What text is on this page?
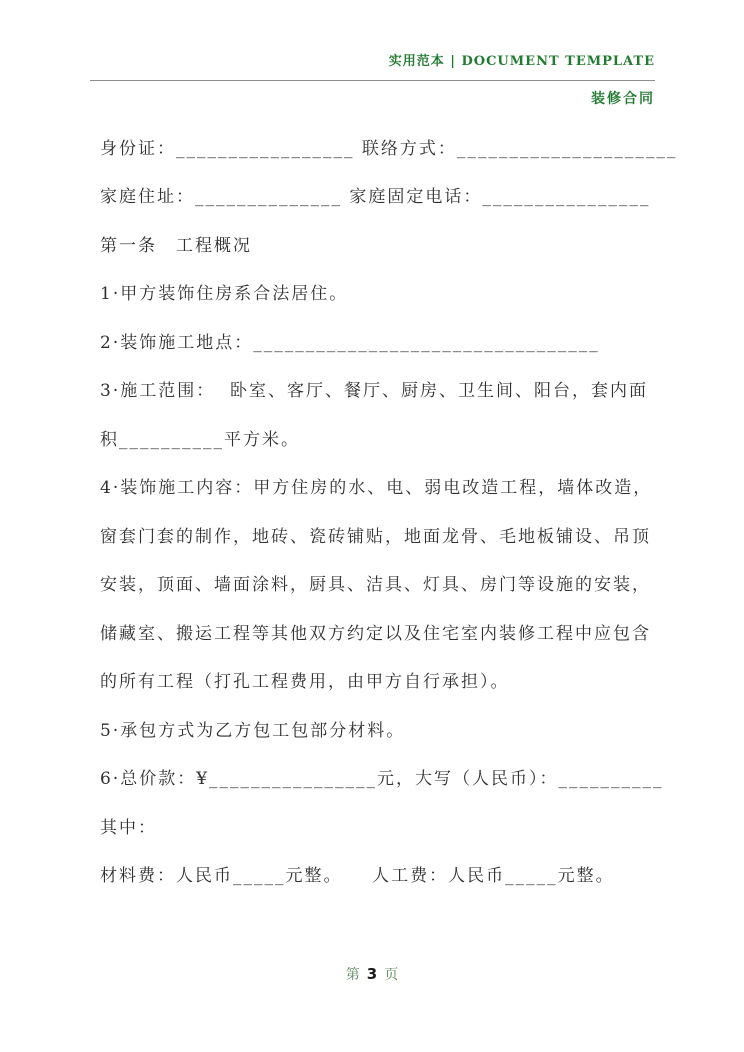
实用范本 | DOCUMENT TEMPLATE
装修合同
身份证：_________________ 联络方式：_____________________
家庭住址：______________ 家庭固定电话：________________
第一条　工程概况
1·甲方装饰住房系合法居住。
2·装饰施工地点：_________________________________
3·施工范围：  卧室、客厅、餐厅、厨房、卫生间、阳台，套内面
积__________平方米。
4·装饰施工内容：甲方住房的水、电、弱电改造工程，墙体改造，
窗套门套的制作，地砖、瓷砖铺贴，地面龙骨、毛地板铺设、吊顶
安装，顶面、墙面涂料，厨具、洁具、灯具、房门等设施的安装，
储藏室、搬运工程等其他双方约定以及住宅室内装修工程中应包含
的所有工程（打孔工程费用，由甲方自行承担）。
5·承包方式为乙方包工包部分材料。
6·总价款：¥________________元，大写（人民币）：__________
其中：
材料费：人民币_____元整。    人工费：人民币_____元整。
第 3 页
